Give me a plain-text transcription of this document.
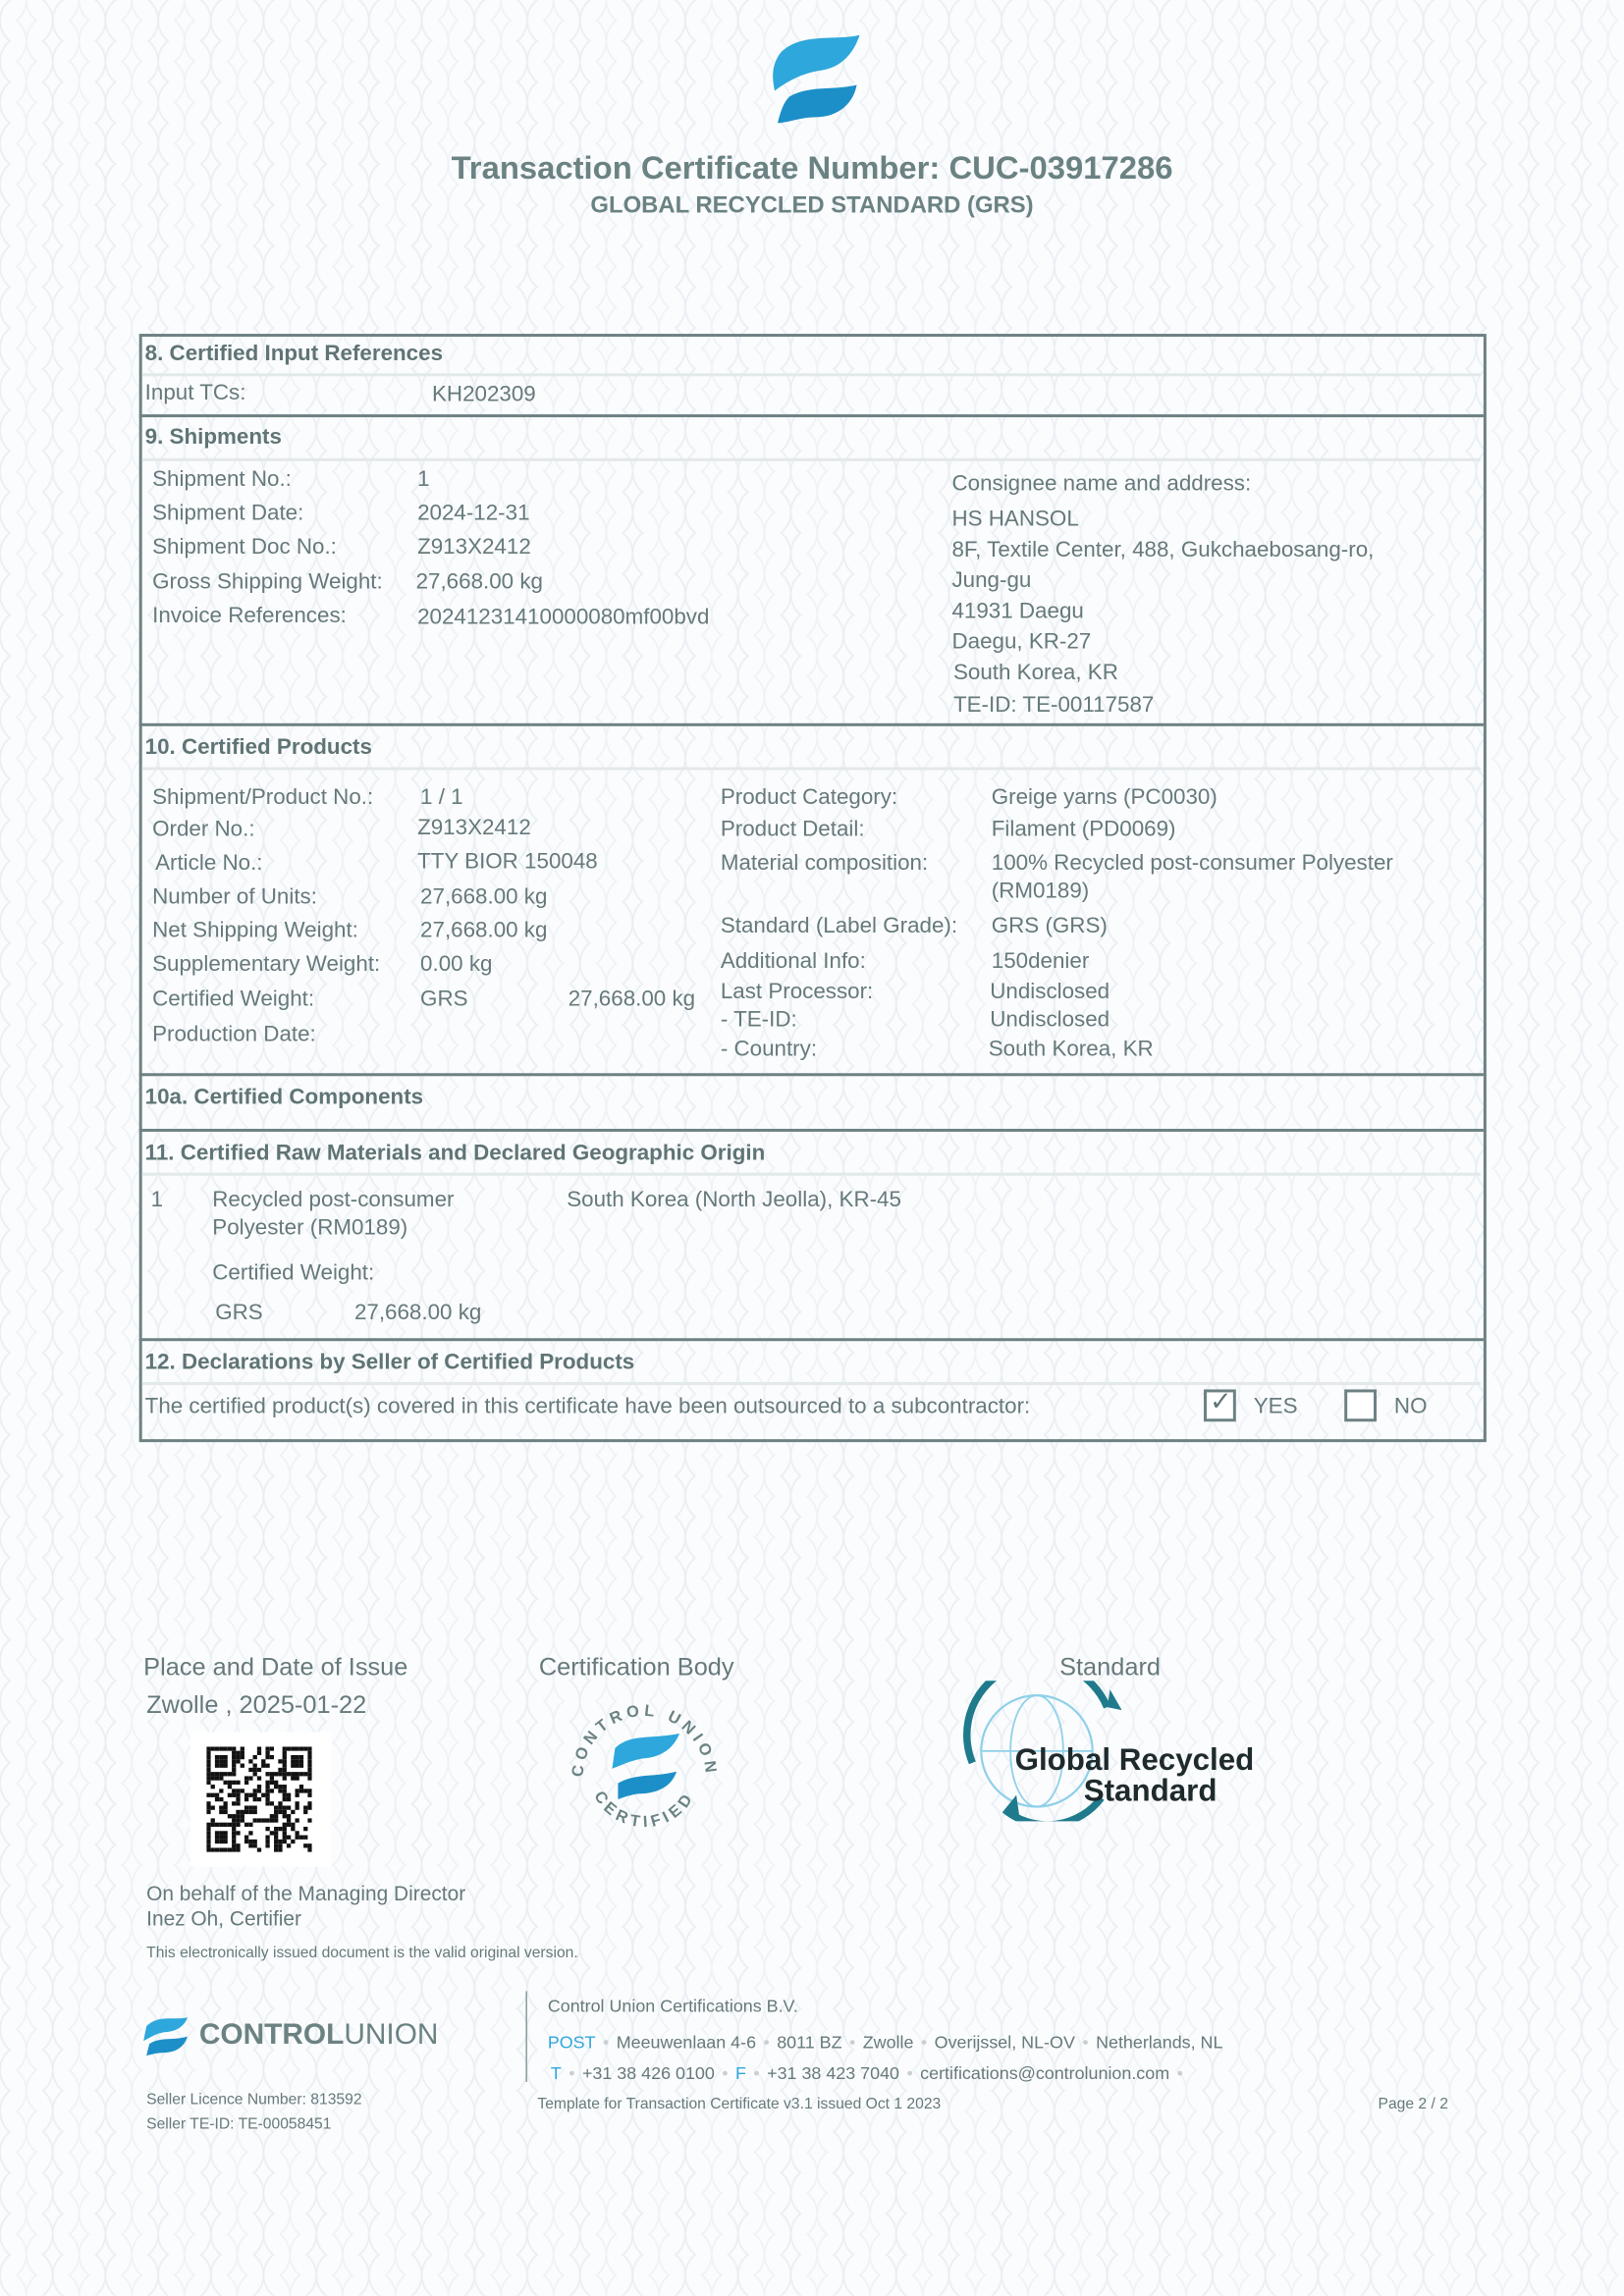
Transaction Certificate Number: CUC-03917286
GLOBAL RECYCLED STANDARD (GRS)
8. Certified Input References
Input TCs:	KH202309
9. Shipments
Shipment No.:	1
Shipment Date:	2024-12-31
Shipment Doc No.:	Z913X2412
Gross Shipping Weight: 27,668.00 kg
Invoice References:	20241231410000080mf00bvd
Consignee name and address:
HS HANSOL
8F, Textile Center, 488, Gukchaebosang-ro,
Jung-gu
41931 Daegu
Daegu, KR-27
South Korea, KR
TE-ID: TE-00117587
10. Certified Products
Shipment/Product No.:	1 / 1
Order No.:	Z913X2412
Article No.:	TTY BIOR 150048
Number of Units:	27,668.00 kg
Net Shipping Weight:	27,668.00 kg
Supplementary Weight:	0.00 kg
Certified Weight:	GRS	27,668.00 kg
Production Date:
Product Category:	Greige yarns (PC0030)
Product Detail:	Filament (PD0069)
Material composition:	100% Recycled post-consumer Polyester
(RM0189)
Standard (Label Grade): GRS (GRS)
Additional Info:	150denier
Last Processor:	Undisclosed
- TE-ID:	Undisclosed
- Country:	South Korea, KR
10a. Certified Components
11. Certified Raw Materials and Declared Geographic Origin
1	Recycled post-consumer
Polyester (RM0189)
South Korea (North Jeolla), KR-45
Certified Weight:
GRS	27,668.00 kg
12. Declarations by Seller of Certified Products
The certified product(s) covered in this certificate have been outsourced to a subcontractor:	✓ YES	NO
Place and Date of Issue
Zwolle , 2025-01-22
On behalf of the Managing Director
Inez Oh, Certifier
This electronically issued document is the valid original version.
Certification Body
CONTROL UNION
CERTIFIED
Standard
Global Recycled
Standard
CONTROLUNION
Control Union Certifications B.V.
POST • Meeuwenlaan 4-6 • 8011 BZ • Zwolle • Overijssel, NL-OV • Netherlands, NL
T • +31 38 426 0100 • F • +31 38 423 7040 • certifications@controlunion.com •
Seller Licence Number: 813592
Seller TE-ID: TE-00058451
Template for Transaction Certificate v3.1 issued Oct 1 2023	Page 2 / 2
